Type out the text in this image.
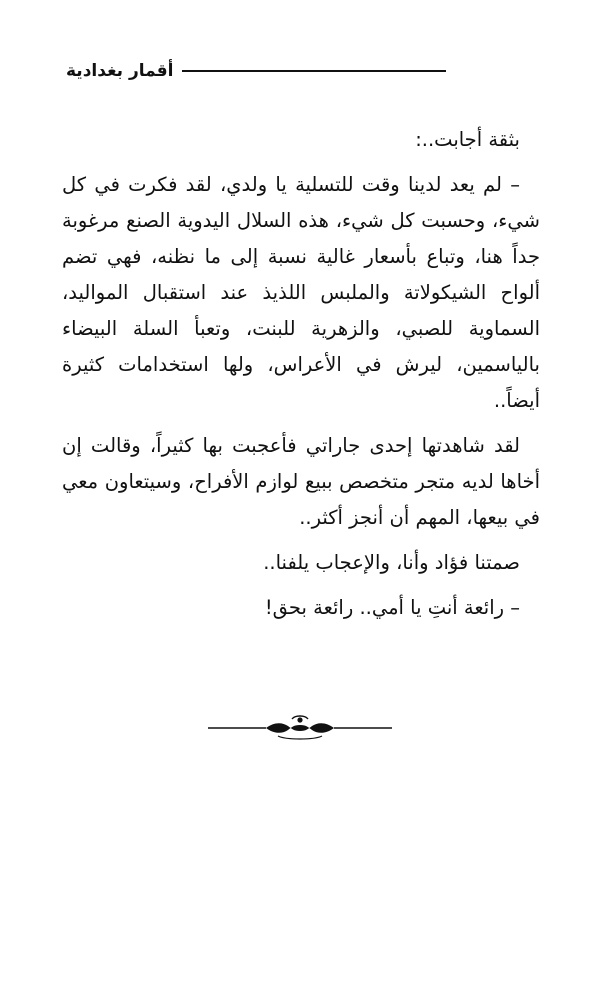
أقمار بغدادية

بثقة أجابت..:

– لم يعد لدينا وقت للتسلية يا ولدي، لقد فكرت في كل شيء، وحسبت كل شيء، هذه السلال اليدوية الصنع مرغوبة جداً هنا، وتباع بأسعار غالية نسبة إلى ما نظنه، فهي تضم ألواح الشيكولاتة والملبس اللذيذ عند استقبال المواليد، السماوية للصبي، والزهرية للبنت، وتعبأ السلة البيضاء بالياسمين، ليرش في الأعراس، ولها استخدامات كثيرة أيضاً..

لقد شاهدتها إحدى جاراتي فأعجبت بها كثيراً، وقالت إن أخاها لديه متجر متخصص ببيع لوازم الأفراح، وسيتعاون معي في بيعها، المهم أن أنجز أكثر..

صمتنا فؤاد وأنا، والإعجاب يلفنا..

– رائعة أنتِ يا أمي.. رائعة بحق!
